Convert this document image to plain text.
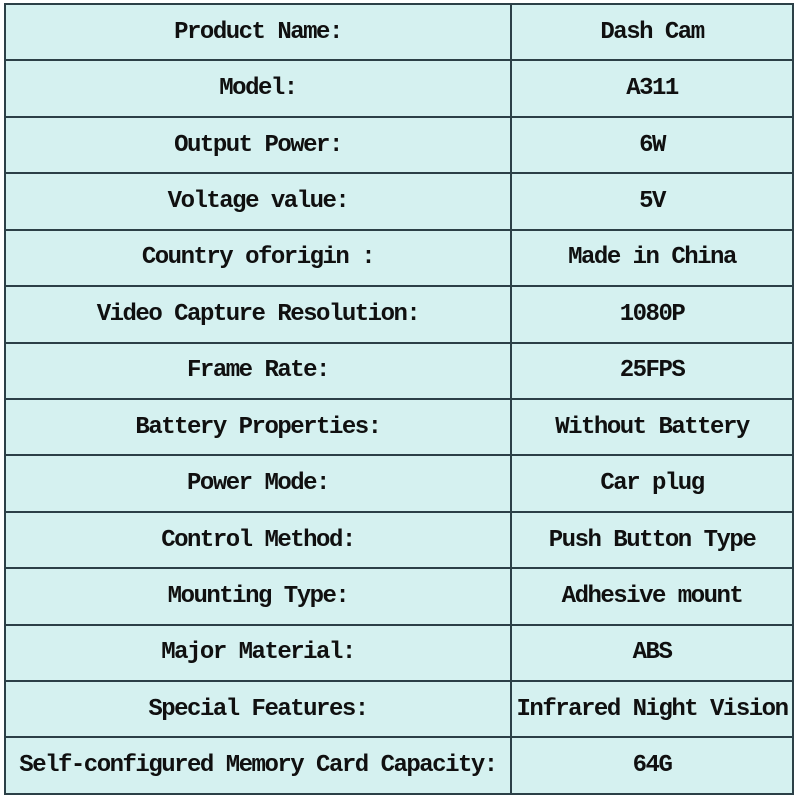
Product Name:	Dash Cam
Model:	A311
Output Power:	6W
Voltage value:	5V
Country oforigin :	Made in China
Video Capture Resolution:	1080P
Frame Rate:	25FPS
Battery Properties:	Without Battery
Power Mode:	Car plug
Control Method:	Push Button Type
Mounting Type:	Adhesive mount
Major Material:	ABS
Special Features:	Infrared Night Vision
Self-configured Memory Card Capacity:	64G
